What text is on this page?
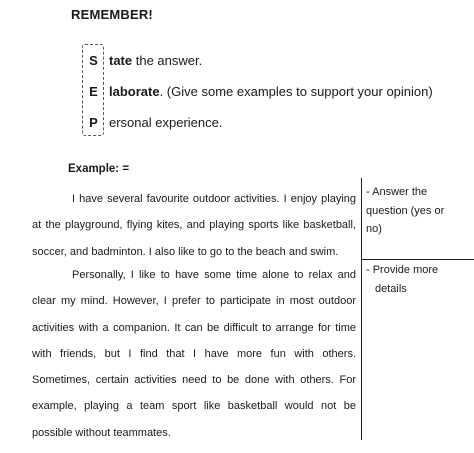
REMEMBER!
S tate the answer.
E laborate. (Give some examples to support your opinion)
P ersonal experience.
Example: =

I have several favourite outdoor activities. I enjoy playing at the playground, flying kites, and playing sports like basketball, soccer, and badminton. I also like to go to the beach and swim.

Personally, I like to have some time alone to relax and clear my mind. However, I prefer to participate in most outdoor activities with a companion. It can be difficult to arrange for time with friends, but I find that I have more fun with others. Sometimes, certain activities need to be done with others. For example, playing a team sport like basketball would not be possible without teammates.

- Answer the
question (yes or
no)
- Provide more
details
